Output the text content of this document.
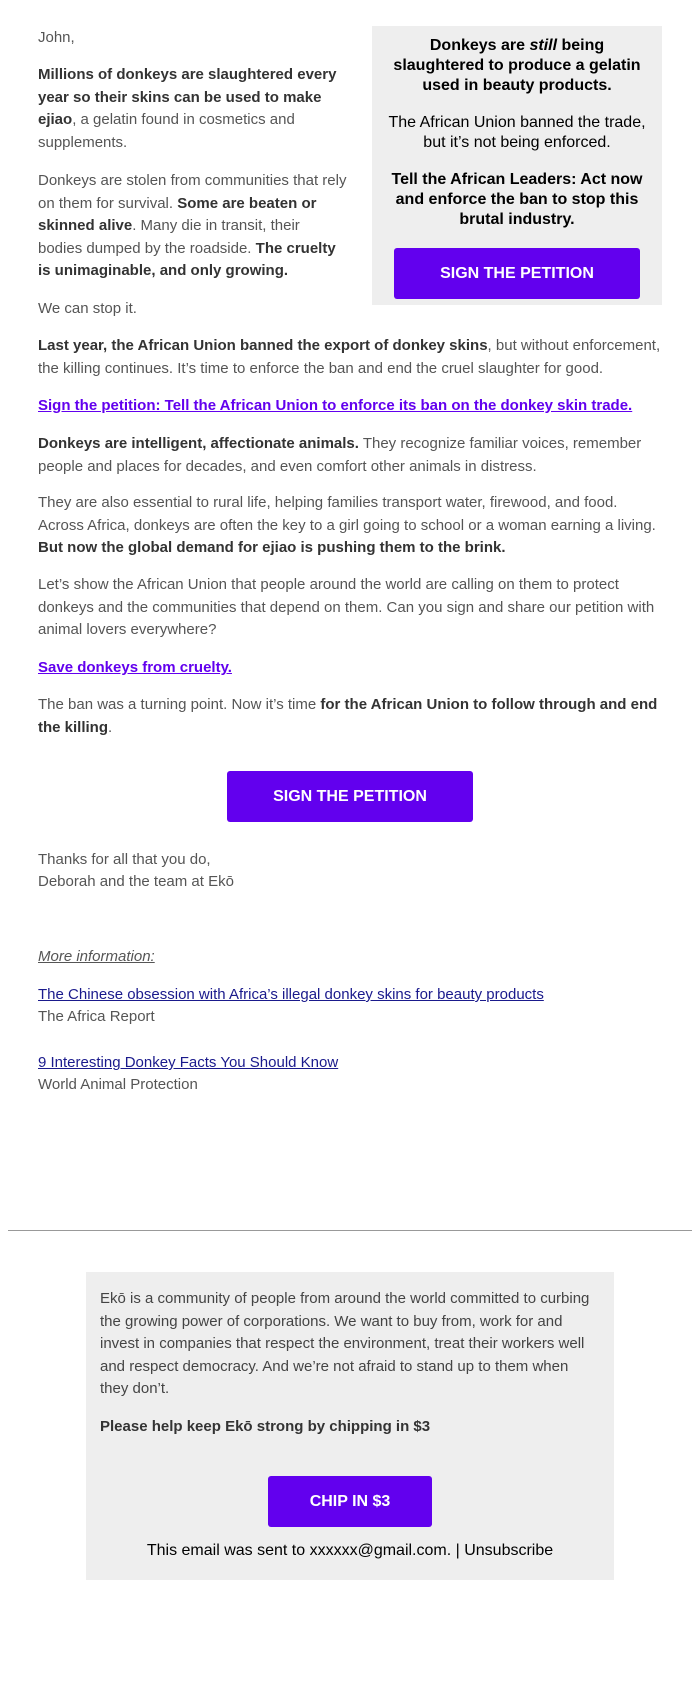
John,

Millions of donkeys are slaughtered every year so their skins can be used to make ejiao, a gelatin found in cosmetics and supplements.

Donkeys are stolen from communities that rely on them for survival. Some are beaten or skinned alive. Many die in transit, their bodies dumped by the roadside. The cruelty is unimaginable, and only growing.

We can stop it.

Last year, the African Union banned the export of donkey skins, but without enforcement, the killing continues. It’s time to enforce the ban and end the cruel slaughter for good.

Sign the petition: Tell the African Union to enforce its ban on the donkey skin trade.

Donkeys are intelligent, affectionate animals. They recognize familiar voices, remember people and places for decades, and even comfort other animals in distress.

They are also essential to rural life, helping families transport water, firewood, and food. Across Africa, donkeys are often the key to a girl going to school or a woman earning a living. But now the global demand for ejiao is pushing them to the brink.

Let’s show the African Union that people around the world are calling on them to protect donkeys and the communities that depend on them. Can you sign and share our petition with animal lovers everywhere?

Save donkeys from cruelty.

The ban was a turning point. Now it’s time for the African Union to follow through and end the killing.

SIGN THE PETITION

Thanks for all that you do,

Deborah and the team at Ekō

More information:

The Chinese obsession with Africa’s illegal donkey skins for beauty products

The Africa Report

9 Interesting Donkey Facts You Should Know

World Animal Protection

Donkeys are still being slaughtered to produce a gelatin used in beauty products.

The African Union banned the trade, but it’s not being enforced.

Tell the African Leaders: Act now and enforce the ban to stop this brutal industry.

SIGN THE PETITION

Ekō is a community of people from around the world committed to curbing the growing power of corporations. We want to buy from, work for and invest in companies that respect the environment, treat their workers well and respect democracy. And we’re not afraid to stand up to them when they don’t.

Please help keep Ekō strong by chipping in $3

CHIP IN $3

This email was sent to xxxxxx@gmail.com. | Unsubscribe
